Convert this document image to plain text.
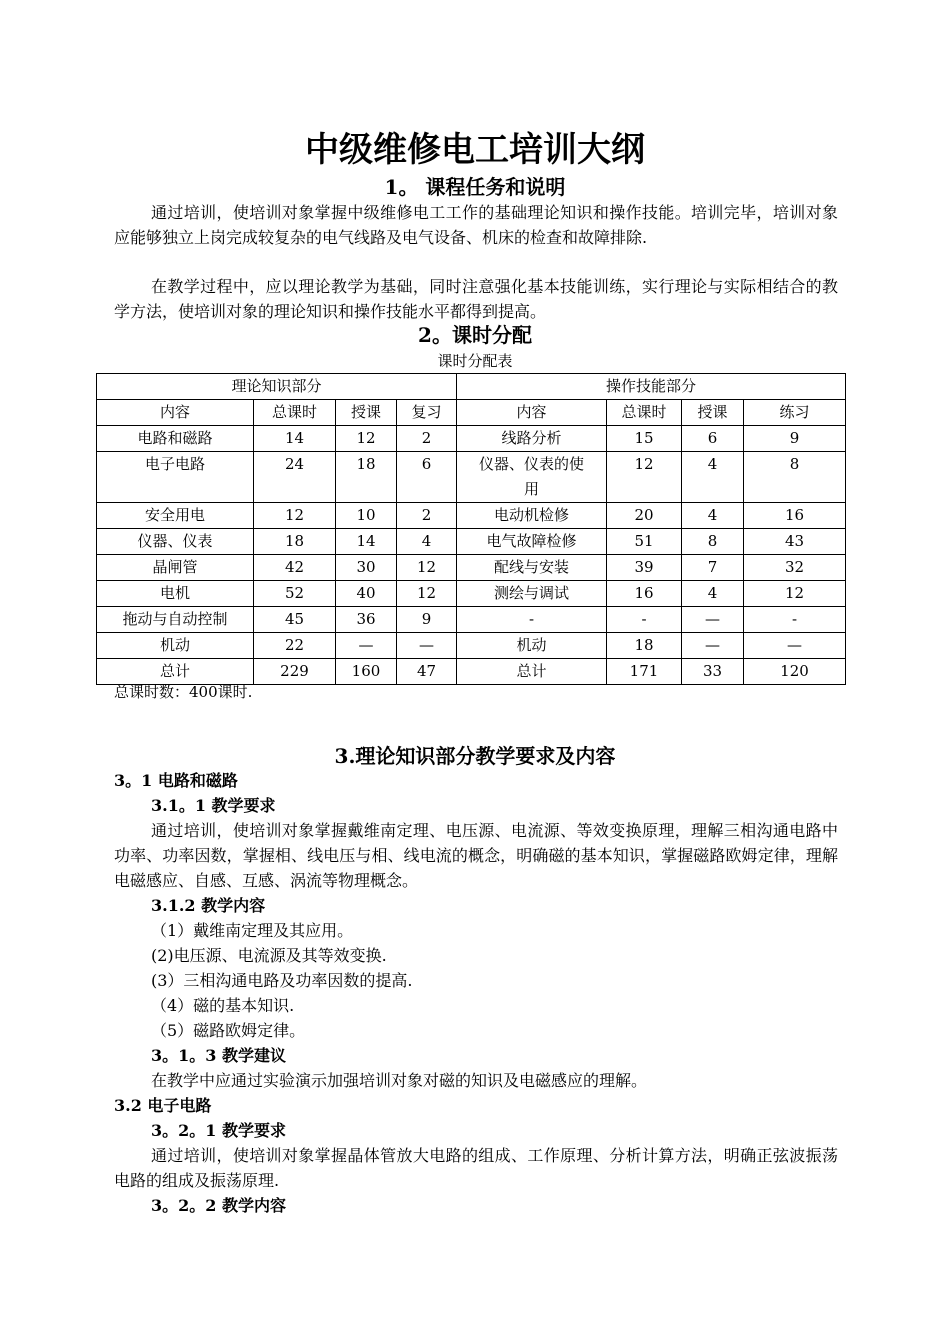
中级维修电工培训大纲
1。 课程任务和说明
通过培训，使培训对象掌握中级维修电工工作的基础理论知识和操作技能。培训完毕，培训对象应能够独立上岗完成较复杂的电气线路及电气设备、机床的检查和故障排除.
在教学过程中，应以理论教学为基础，同时注意强化基本技能训练，实行理论与实际相结合的教学方法，使培训对象的理论知识和操作技能水平都得到提高。
2。课时分配
课时分配表
理论知识部分				操作技能部分			
内容	总课时	授课	复习	内容	总课时	授课	练习
电路和磁路	14	12	2	线路分析	15	6	9
电子电路	24	18	6	仪器、仪表的使用	12	4	8
安全用电	12	10	2	电动机检修	20	4	16
仪器、仪表	18	14	4	电气故障检修	51	8	43
晶闸管	42	30	12	配线与安装	39	7	32
电机	52	40	12	测绘与调试	16	4	12
拖动与自动控制	45	36	9	-	-	—	-
机动	22	—	—	机动	18	—	—
总计	229	160	47	总计	171	33	120
总课时数：400课时.
3.理论知识部分教学要求及内容
3。1 电路和磁路
3.1。1 教学要求
通过培训，使培训对象掌握戴维南定理、电压源、电流源、等效变换原理，理解三相沟通电路中功率、功率因数，掌握相、线电压与相、线电流的概念，明确磁的基本知识，掌握磁路欧姆定律，理解电磁感应、自感、互感、涡流等物理概念。
3.1.2 教学内容
（1）戴维南定理及其应用。
(2)电压源、电流源及其等效变换.
(3）三相沟通电路及功率因数的提高.
（4）磁的基本知识.
（5）磁路欧姆定律。
3。1。3 教学建议
在教学中应通过实验演示加强培训对象对磁的知识及电磁感应的理解。
3.2 电子电路
3。2。1 教学要求
通过培训，使培训对象掌握晶体管放大电路的组成、工作原理、分析计算方法，明确正弦波振荡电路的组成及振荡原理.
3。2。2 教学内容
